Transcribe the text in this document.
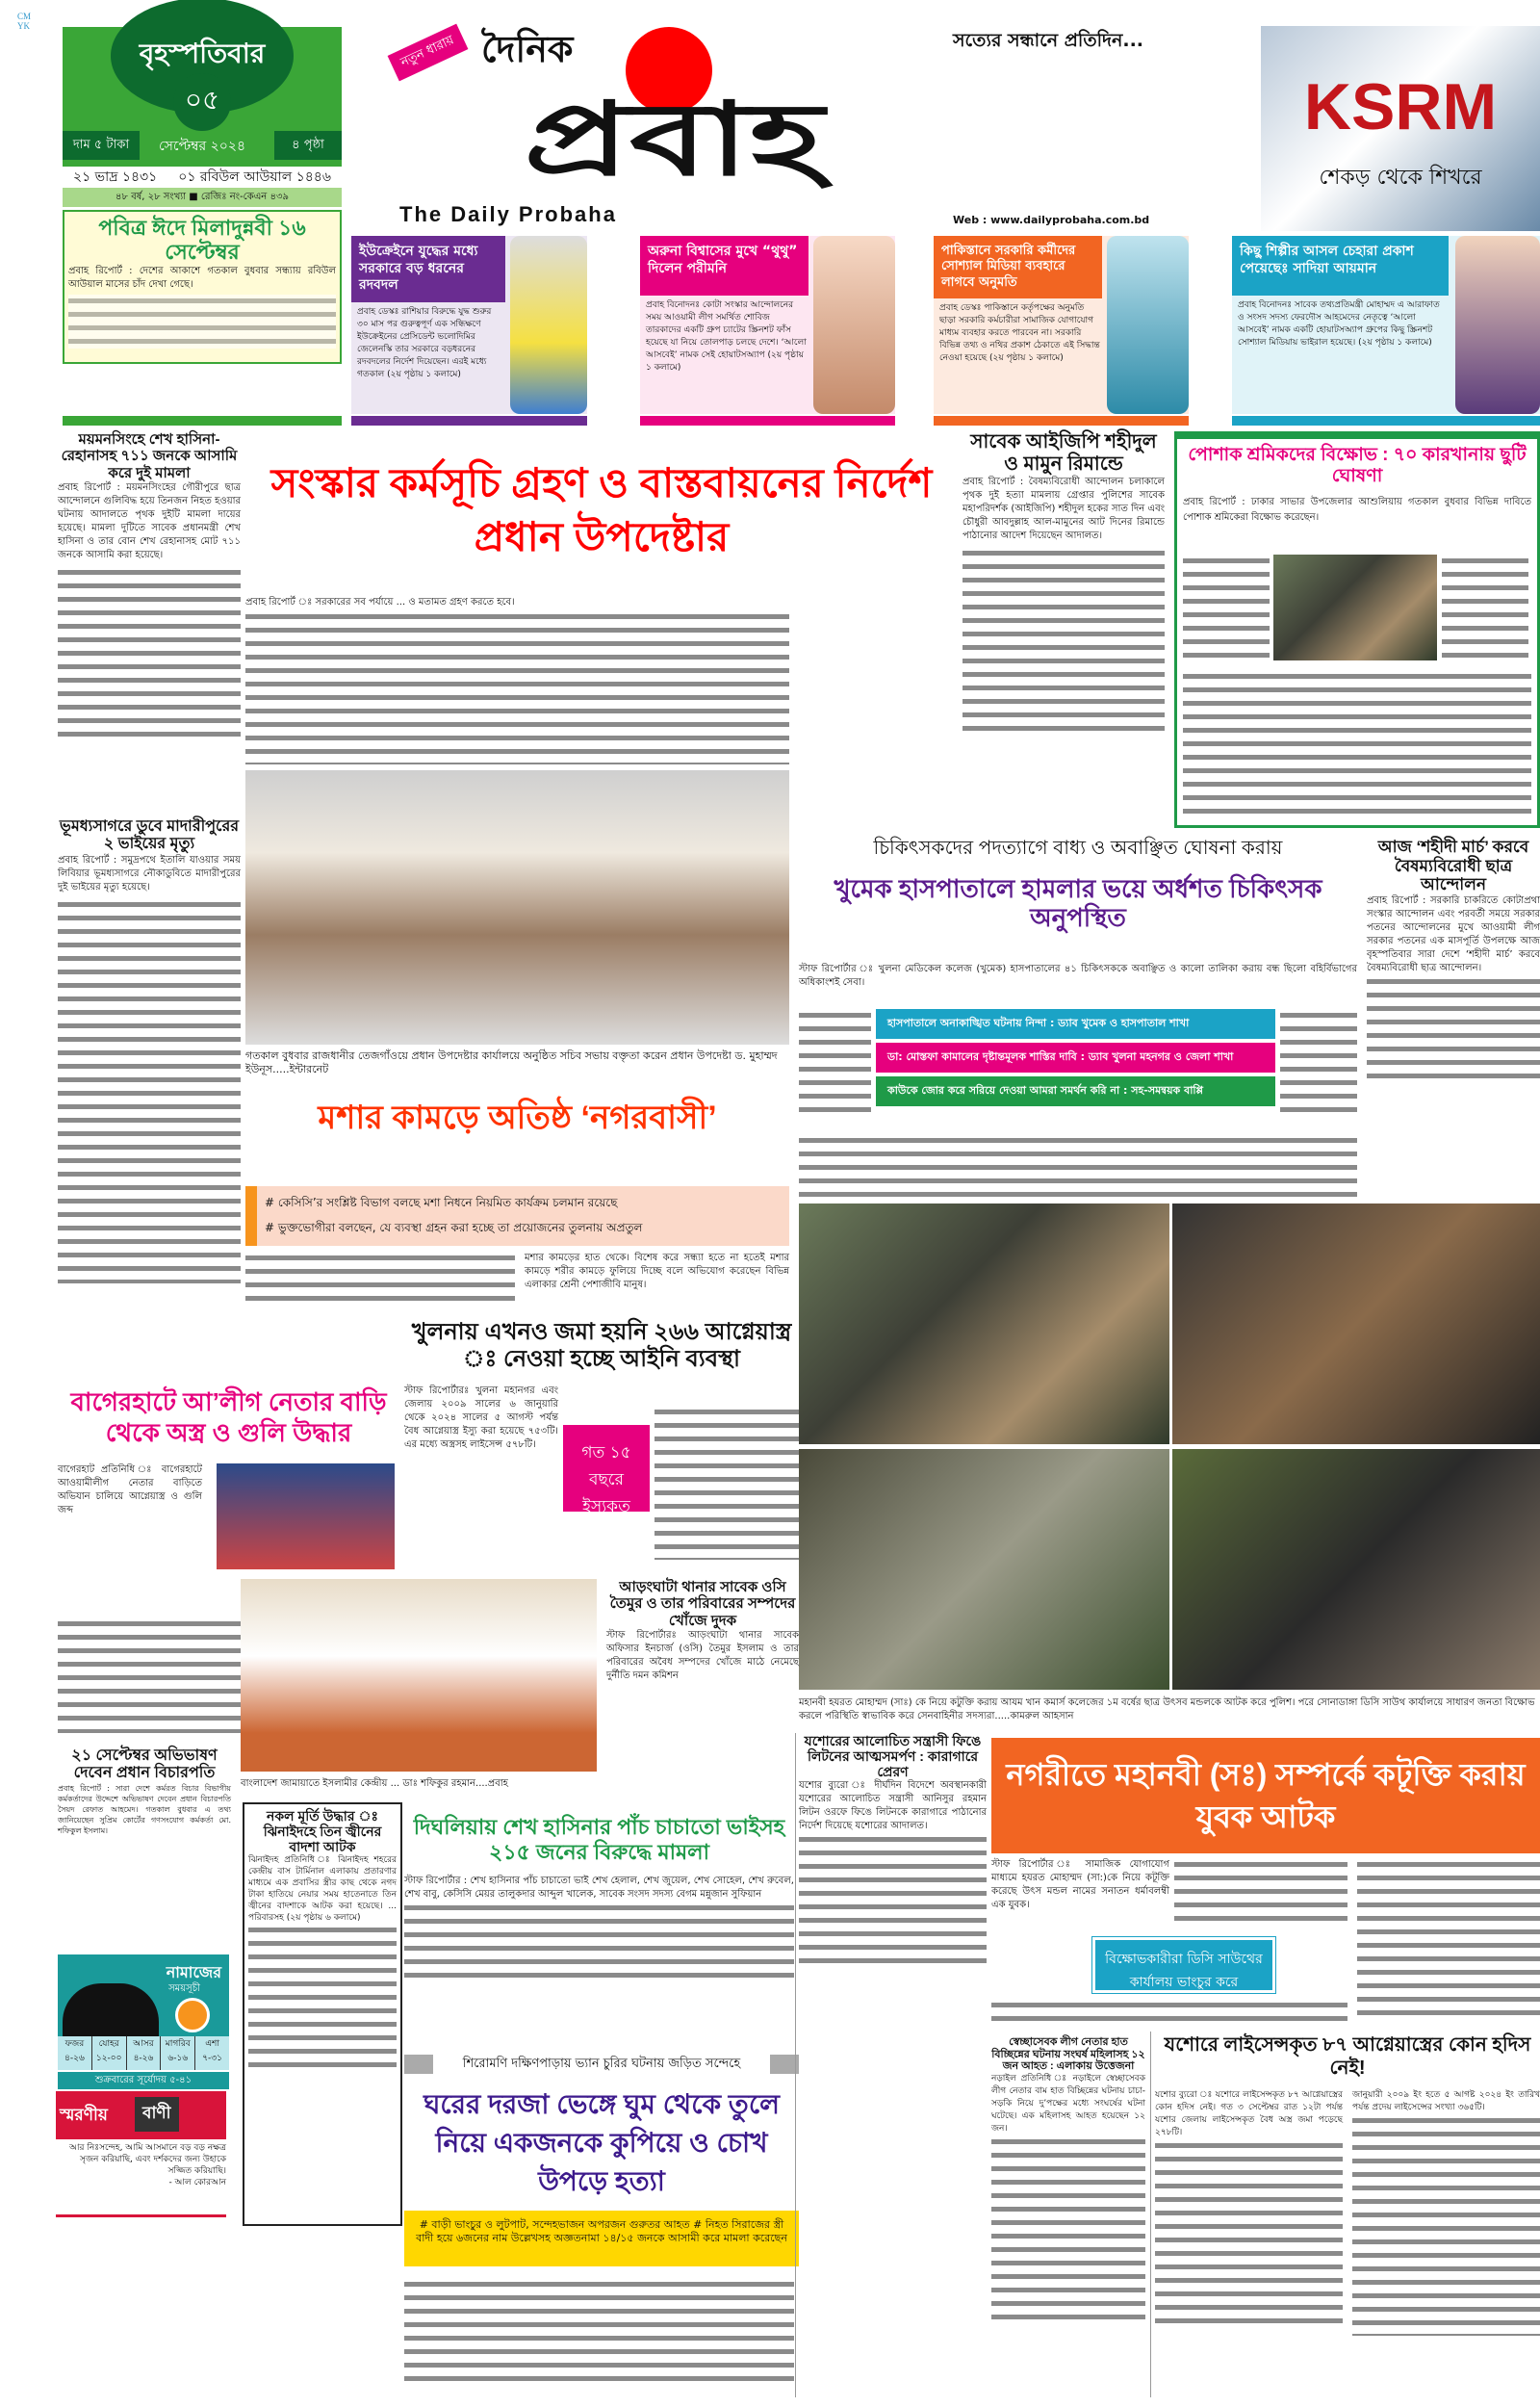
CM
YK
বৃহস্পতিবার
০৫
সেপ্টেম্বর ২০২৪
দাম ৫ টাকা	৪ পৃষ্ঠা
২১ ভাদ্র ১৪৩১ ০১ রবিউল আউয়াল ১৪৪৬
৪৮ বর্ষ, ২৮ সংখ্যা ■ রেজিঃ নং-কেএন ৪৩৯
পবিত্র ঈদে মিলাদুন্নবী ১৬ সেপ্টেম্বর
প্রবাহ রিপোর্ট : দেশের আকাশে গতকাল বুধবার সন্ধ্যায় রবিউল আউয়াল মাসের চাঁদ দেখা গেছে।
নতুন ধারায় দৈনিক
প্রবাহ
সত্যের সন্ধানে প্রতিদিন...
The Daily Probaha	Web : www.dailyprobaha.com.bd
KSRM
শেকড় থেকে শিখরে
ইউক্রেইনে যুদ্ধের মধ্যে সরকারে বড় ধরনের রদবদল
প্রবাহ ডেস্কঃ রাশিয়ার বিরুদ্ধে যুদ্ধ শুরুর ৩০ মাস পর গুরুত্বপূর্ণ এক সন্ধিক্ষণে ইউক্রেইনের প্রেসিডেন্ট ভলোদিমির জেলেনস্কি তার সরকারে বড়ধরনের রদবদলের নির্দেশ দিয়েছেন। এরই মধ্যে গতকাল (২য় পৃষ্ঠায় ১ কলামে)
অরুনা বিশ্বাসের মুখে “থুথু” দিলেন পরীমনি
প্রবাহ বিনোদনঃ কোটা সংস্কার আন্দোলনের সময় আওয়ামী লীগ সমর্থিত শোবিজ তারকাদের একটি গ্রুপ চ্যাটের স্ক্রিনশট ফাঁস হয়েছে যা নিয়ে তোলপাড় চলছে দেশে। ‘আলো আসবেই’ নামক সেই হোয়াটসঅ্যাপ (২য় পৃষ্ঠায় ১ কলামে)
পাকিস্তানে সরকারি কর্মীদের সোশ্যাল মিডিয়া ব্যবহারে লাগবে অনুমতি
প্রবাহ ডেস্কঃ পাকিস্তানে কর্তৃপক্ষের অনুমতি ছাড়া সরকারি কর্মচারীরা সামাজিক যোগাযোগ মাধ্যম ব্যবহার করতে পারবেন না। সরকারি বিভিন্ন তথ্য ও নথির প্রকাশ ঠেকাতে এই সিদ্ধান্ত নেওয়া হয়েছে (২য় পৃষ্ঠায় ১ কলামে)
কিছু শিল্পীর আসল চেহারা প্রকাশ পেয়েছেঃ সাদিয়া আয়মান
প্রবাহ বিনোদনঃ সাবেক তথ্যপ্রতিমন্ত্রী মোহাম্মদ এ আরাফাত ও সংসদ সদস্য ফেরদৌস আহমেদের নেতৃত্বে ‘আলো আসবেই’ নামক একটি হোয়াটসঅ্যাপ গ্রুপের কিছু স্ক্রিনশট সোশ্যাল মিডিয়ায় ভাইরাল হয়েছে। (২য় পৃষ্ঠায় ১ কলামে)
ময়মনসিংহে শেখ হাসিনা-রেহানাসহ ৭১১ জনকে আসামি করে দুই মামলা
প্রবাহ রিপোর্ট : ময়মনসিংহের গৌরীপুরে ছাত্র আন্দোলনে গুলিবিদ্ধ হয়ে তিনজন নিহত হওয়ার ঘটনায় আদালতে পৃথক দুইটি মামলা দায়ের হয়েছে। মামলা দুটিতে সাবেক প্রধানমন্ত্রী শেখ হাসিনা ও তার বোন শেখ রেহানাসহ মোট ৭১১ জনকে আসামি করা হয়েছে।
ভূমধ্যসাগরে ডুবে মাদারীপুরের ২ ভাইয়ের মৃত্যু
প্রবাহ রিপোর্ট : সমুদ্রপথে ইতালি যাওয়ার সময় লিবিয়ার ভূমধ্যসাগরে নৌকাডুবিতে মাদারীপুরের দুই ভাইয়ের মৃত্যু হয়েছে।
সংস্কার কর্মসূচি গ্রহণ ও বাস্তবায়নের নির্দেশ প্রধান উপদেষ্টার
প্রবাহ রিপোর্ট ঃ সরকারের সব পর্যায়ে ... ও মতামত গ্রহণ করতে হবে।
গতকাল বুধবার রাজধানীর তেজগাঁওয়ে প্রধান উপদেষ্টার কার্যালয়ে অনুষ্ঠিত সচিব সভায় বক্তৃতা করেন প্রধান উপদেষ্টা ড. মুহাম্মদ ইউনূস.....ইন্টারনেট
সাবেক আইজিপি শহীদুল ও মামুন রিমান্ডে
প্রবাহ রিপোর্ট : বৈষম্যবিরোধী আন্দোলন চলাকালে পৃথক দুই হত্যা মামলায় গ্রেপ্তার পুলিশের সাবেক মহাপরিদর্শক (আইজিপি) শহীদুল হকের সাত দিন এবং চৌধুরী আবদুল্লাহ আল-মামুনের আট দিনের রিমান্ডে পাঠানোর আদেশ দিয়েছেন আদালত।
পোশাক শ্রমিকদের বিক্ষোভ : ৭০ কারখানায় ছুটি ঘোষণা
প্রবাহ রিপোর্ট : ঢাকার সাভার উপজেলার আশুলিয়ায় গতকাল বুধবার বিভিন্ন দাবিতে পোশাক শ্রমিকেরা বিক্ষোভ করেছেন।
চিকিৎসকদের পদত্যাগে বাধ্য ও অবাঞ্ছিত ঘোষনা করায়
খুমেক হাসপাতালে হামলার ভয়ে অর্ধশত চিকিৎসক অনুপস্থিত
স্টাফ রিপোর্টার ঃ খুলনা মেডিকেল কলেজ (খুমেক) হাসপাতালের ৪১ চিকিৎসককে অবাঞ্ছিত ও কালো তালিকা করায় বন্ধ ছিলো বহির্বিভাগের অধিকাংশই সেবা।
হাসপাতালে অনাকাঙ্খিত ঘটনায় নিন্দা : ড্যাব খুমেক ও হাসপাতাল শাখা
ডা: মোস্তফা কামালের দৃষ্টান্তমূলক শাস্তির দাবি : ড্যাব খুলনা মহনগর ও জেলা শাখা
কাউকে জোর করে সরিয়ে দেওয়া আমরা সমর্থন করি না : সহ-সমন্বয়ক বাপ্পি
আজ ‘শহীদী মার্চ’ করবে বৈষম্যবিরোধী ছাত্র আন্দোলন
প্রবাহ রিপোর্ট : সরকারি চাকরিতে কোটাপ্রথা সংস্কার আন্দোলন এবং পরবর্তী সময়ে সরকার পতনের আন্দোলনের মুখে আওয়ামী লীগ সরকার পতনের এক মাসপূর্তি উপলক্ষে আজ বৃহস্পতিবার সারা দেশে ‘শহীদী মার্চ’ করবে বৈষম্যবিরোধী ছাত্র আন্দোলন।
মশার কামড়ে অতিষ্ঠ ‘নগরবাসী’
# কেসিসি’র সংশ্লিষ্ট বিভাগ বলছে মশা নিধনে নিয়মিত কার্যক্রম চলমান রয়েছে
# ভুক্তভোগীরা বলছেন, যে ব্যবস্থা গ্রহন করা হচ্ছে তা প্রয়োজনের তুলনায় অপ্রতুল
মশার কামড়ের হাত থেকে। বিশেষ করে সন্ধ্যা হতে না হতেই মশার কামড়ে শরীর কামড়ে ফুলিয়ে দিচ্ছে বলে অভিযোগ করেছেন বিভিন্ন এলাকার শ্রেনী পেশাজীবি মানুষ।
মহানবী হযরত মোহাম্মদ (সাঃ) কে নিয়ে কটুক্তি করায় আযম খান কমার্স কলেজের ১ম বর্ষের ছাত্র উৎসব মন্ডলকে আটক করে পুলিশ। পরে সোনাডাঙ্গা ডিসি সাউথ কার্যালয়ে সাধারণ জনতা বিক্ষোভ করলে পরিস্থিতি স্বাভাবিক করে সেনবাহিনীর সদস্যরা.....কামরুল আহসান
বাগেরহাটে আ’লীগ নেতার বাড়ি থেকে অস্ত্র ও গুলি উদ্ধার
বাগেরহাট প্রতিনিধি ঃ বাগেরহাটে আওয়ামীলীগ নেতার বাড়িতে অভিযান চালিয়ে আগ্নেয়াস্ত্র ও গুলি জব্দ
খুলনায় এখনও জমা হয়নি ২৬৬ আগ্নেয়াস্ত্র ঃ নেওয়া হচ্ছে আইনি ব্যবস্থা
স্টাফ রিপোর্টারঃ খুলনা মহানগর এবং জেলায় ২০০৯ সালের ৬ জানুয়ারি থেকে ২০২৪ সালের ৫ আগস্ট পর্যন্ত বৈধ আগ্নেয়াস্ত্র ইস্যু করা হয়েছে ৭৫৩টি। এর মধ্যে অস্ত্রসহ লাইসেন্স ৫৭৮টি।	গত ১৫ বছরে ইস্যুকৃত
আড়ংঘাটা থানার সাবেক ওসি তৈমুর ও তার পরিবারের সম্পদের খোঁজে দুদক
স্টাফ রিপোর্টারঃ আড়ংঘাটা থানার সাবেক অফিসার ইনচার্জ (ওসি) তৈমুর ইসলাম ও তার পরিবারের অবৈধ সম্পদের খোঁজে মাঠে নেমেছে দুর্নীতি দমন কমিশন
বাংলাদেশ জামায়াতে ইসলামীর কেন্দ্রীয় ... ডাঃ শফিকুর রহমান....প্রবাহ
২১ সেপ্টেম্বর অভিভাষণ দেবেন প্রধান বিচারপতি
প্রবাহ রিপোর্ট : সারা দেশে কর্মরত বিচার বিভাগীয় কর্মকর্তাদের উদ্দেশে অভিভাষণ দেবেন প্রধান বিচারপতি সৈয়দ রেফাত আহমেদ। গতকাল বুধবার এ তথ্য জানিয়েছেন সুপ্রিম কোর্টের গণসংযোগ কর্মকর্তা মো. শফিকুল ইসলাম।
নামাজের
সময়সূচী
ফজর
৪-২৬
যোহর
১২-০০
আসর
৪-২৬
মাগরিব
৬-১৬
এশা
৭-৩১
শুক্রবারের সূর্যোদয় ৫-৪১
স্মরণীয়	বাণী
আর নিঃসন্দেহ, আমি আসমানে বড় বড় নক্ষত্র সৃজন করিয়াছি, এবং দর্শকদের জন্য উহাকে সজ্জিত করিয়াছি।
- আল কোরআন
নকল মূর্তি উদ্ধার ঃ ঝিনাইদহে তিন জ্বীনের বাদশা আটক
ঝিনাইদহ প্রতিনিধি ঃ ঝিনাইদহ শহরের কেন্দ্রীয় বাস টার্মিনাল এলাকায় প্রতারণার মাধ্যমে এক প্রবাসির স্ত্রীর কাছ থেকে নগদ টাকা হাতিয়ে নেয়ার সময় হাতেনাতে তিন জ্বীনের বাদশাকে আটক করা হয়েছে। ... পরিবারসহ (২য় পৃষ্ঠায় ৬ কলামে)
দিঘলিয়ায় শেখ হাসিনার পাঁচ চাচাতো ভাইসহ ২১৫ জনের বিরুদ্ধে মামলা
স্টাফ রিপোর্টার : শেখ হাসিনার পাঁচ চাচাতো ভাই শেখ হেলাল, শেখ জুয়েল, শেখ সোহেল, শেখ রুবেল, শেখ বাবু, কেসিসি মেয়র তালুকদার আব্দুল খালেক, সাবেক সংসদ সদস্য বেগম মন্নুজান সুফিয়ান
যশোরের আলোচিত সন্ত্রাসী ফিঙে লিটনের আত্মসমর্পণ : কারাগারে প্রেরণ
যশোর ব্যুরো ঃ দীর্ঘদিন বিদেশে অবস্থানকারী যশোরের আলোচিত সন্ত্রাসী আনিসুর রহমান লিটন ওরফে ফিঙে লিটনকে কারাগারে পাঠানোর নির্দেশ দিয়েছে যশোরের আদালত।
নগরীতে মহানবী (সঃ) সম্পর্কে কটূক্তি করায় যুবক আটক
স্টাফ রিপোর্টার ঃ সামাজিক যোগাযোগ মাধ্যমে হযরত মোহাম্মদ (সা:)কে নিয়ে কটূক্তি করেছে উৎস মন্ডল নামের সনাতন ধর্মাবলম্বী এক যুবক।
বিক্ষোভকারীরা ডিসি সাউথের কার্যালয় ভাংচুর করে
শিরোমণি দক্ষিণপাড়ায় ভ্যান চুরির ঘটনায় জড়িত সন্দেহে
ঘরের দরজা ভেঙ্গে ঘুম থেকে তুলে নিয়ে একজনকে কুপিয়ে ও চোখ উপড়ে হত্যা
# বাড়ী ভাংচুর ও লুটপাট, সন্দেহভাজন অপরজন গুরুতর আহত # নিহত সিরাজের স্ত্রী বাদী হয়ে ৬জনের নাম উল্লেখসহ অজ্ঞতনামা ১৪/১৫ জনকে আসামী করে মামলা করেছেন
স্বেচ্ছাসেবক লীগ নেতার হাত বিচ্ছিন্নের ঘটনায় সংঘর্ষ মহিলাসহ ১২ জন আহত : এলাকায় উত্তেজনা
নড়াইল প্রতিনিধি ঃ নড়াইলে স্বেচ্ছাসেবক লীগ নেতার বাম হাত বিচ্ছিন্নের ঘটনায় চাচা-সড়কি নিয়ে দু’পক্ষের মধ্যে সংঘর্ষের ঘটনা ঘটেছে। এক মহিলাসহ আহত হয়েছেন ১২ জন।
যশোরে লাইসেন্সকৃত ৮৭ আগ্নেয়াস্ত্রের কোন হদিস নেই!
যশোর ব্যুরো ঃ যশোরে লাইসেন্সকৃত ৮৭ আগ্নেয়াস্ত্রের কোন হদিস নেই। গত ৩ সেপ্টেম্বর রাত ১২টা পর্যন্ত যশোর জেলায় লাইসেন্সকৃত বৈধ অস্ত্র জমা পড়েছে ২৭৮টি।
জানুয়ারী ২০০৯ ইং হতে ৫ আগষ্ট ২০২৪ ইং তারিখ পর্যন্ত প্রদেয় লাইসেন্সের সংখ্যা ৩৬৫টি।
